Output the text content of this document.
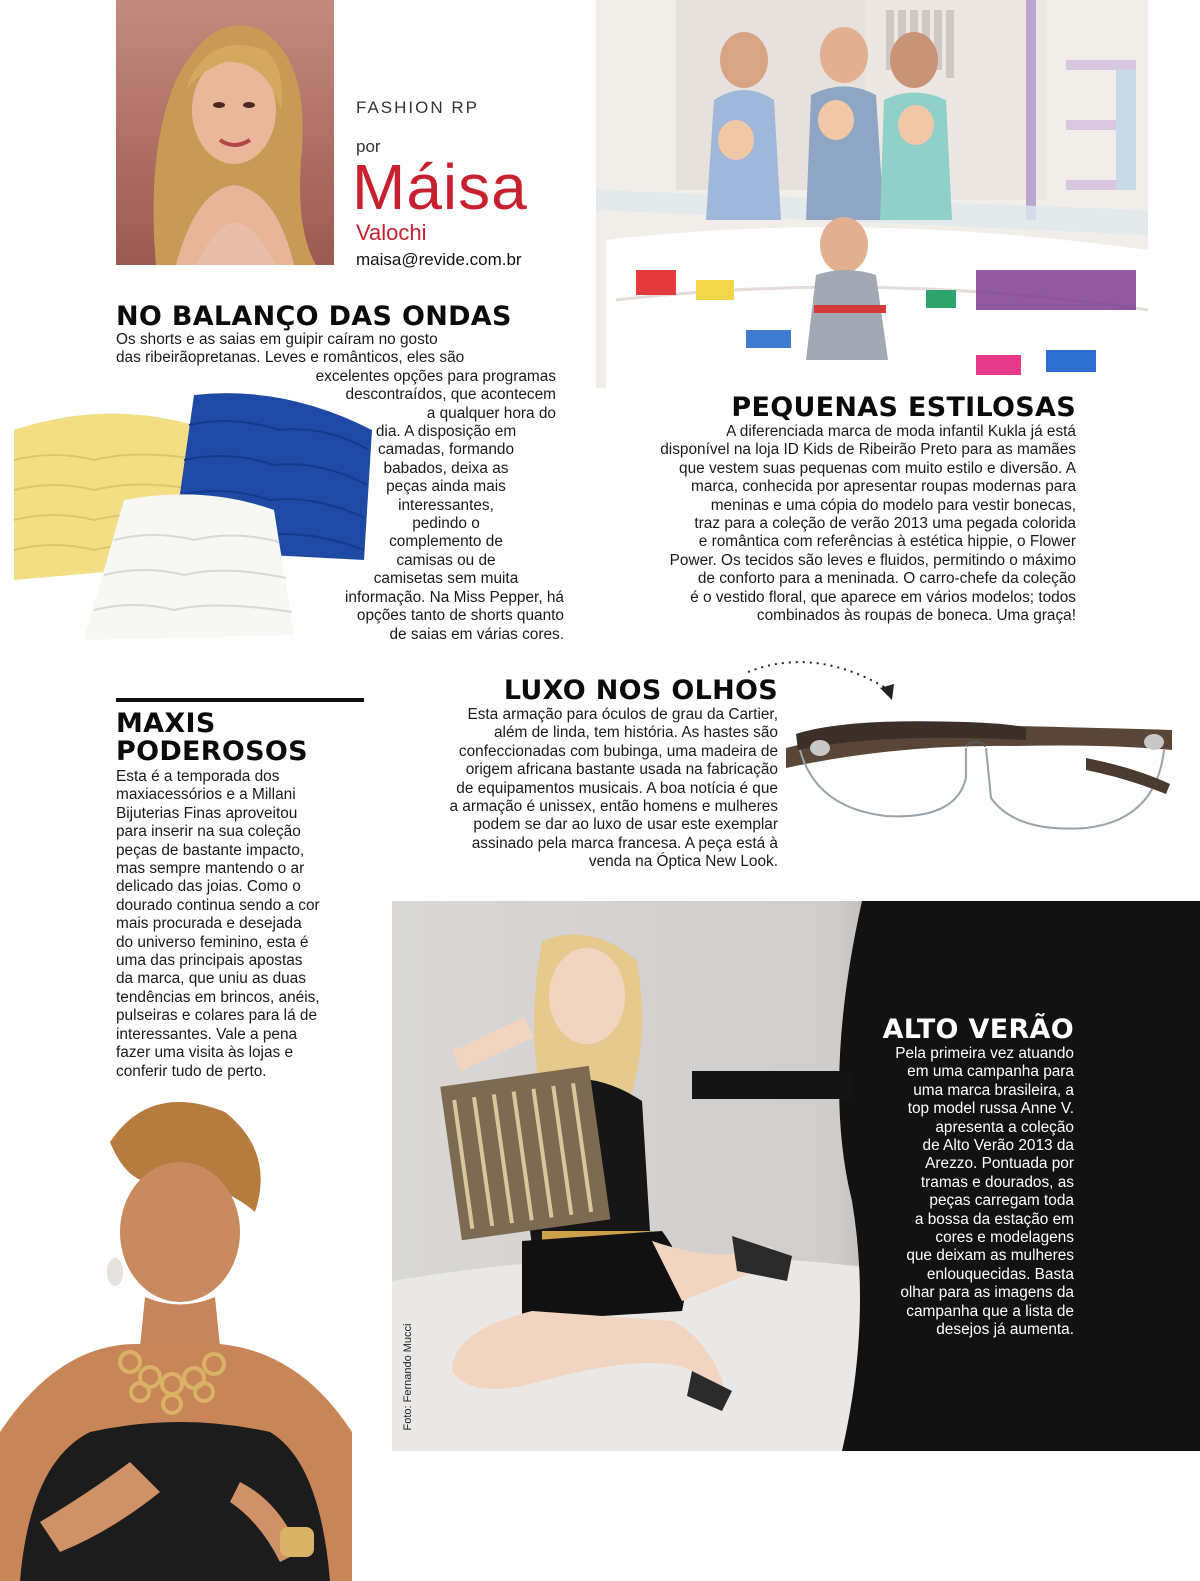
FASHION RP
por
Máisa
Valochi
maisa@revide.com.br
NO BALANÇO DAS ONDAS
Os shorts e as saias em guipir caíram no gosto
das ribeirãopretanas. Leves e românticos, eles são
excelentes opções para programas
descontraídos, que acontecem
a qualquer hora do
dia. A disposição em
camadas, formando
babados, deixa as
peças ainda mais
interessantes,
pedindo o
complemento de
camisas ou de
camisetas sem muita
informação. Na Miss Pepper, há
opções tanto de shorts quanto
de saias em várias cores.
PEQUENAS ESTILOSAS
A diferenciada marca de moda infantil Kukla já está
disponível na loja ID Kids de Ribeirão Preto para as mamães
que vestem suas pequenas com muito estilo e diversão. A
marca, conhecida por apresentar roupas modernas para
meninas e uma cópia do modelo para vestir bonecas,
traz para a coleção de verão 2013 uma pegada colorida
e romântica com referências à estética hippie, o Flower
Power. Os tecidos são leves e fluidos, permitindo o máximo
de conforto para a meninada. O carro-chefe da coleção
é o vestido floral, que aparece em vários modelos; todos
combinados às roupas de boneca. Uma graça!
MAXIS
PODEROSOS
Esta é a temporada dos
maxiacessórios e a Millani
Bijuterias Finas aproveitou
para inserir na sua coleção
peças de bastante impacto,
mas sempre mantendo o ar
delicado das joias. Como o
dourado continua sendo a cor
mais procurada e desejada
do universo feminino, esta é
uma das principais apostas
da marca, que uniu as duas
tendências em brincos, anéis,
pulseiras e colares para lá de
interessantes. Vale a pena
fazer uma visita às lojas e
conferir tudo de perto.
LUXO NOS OLHOS
Esta armação para óculos de grau da Cartier,
além de linda, tem história. As hastes são
confeccionadas com bubinga, uma madeira de
origem africana bastante usada na fabricação
de equipamentos musicais. A boa notícia é que
a armação é unissex, então homens e mulheres
podem se dar ao luxo de usar este exemplar
assinado pela marca francesa. A peça está à
venda na Óptica New Look.
Foto: Fernando Mucci
ALTO VERÃO
Pela primeira vez atuando
em uma campanha para
uma marca brasileira, a
top model russa Anne V.
apresenta a coleção
de Alto Verão 2013 da
Arezzo. Pontuada por
tramas e dourados, as
peças carregam toda
a bossa da estação em
cores e modelagens
que deixam as mulheres
enlouquecidas. Basta
olhar para as imagens da
campanha que a lista de
desejos já aumenta.
